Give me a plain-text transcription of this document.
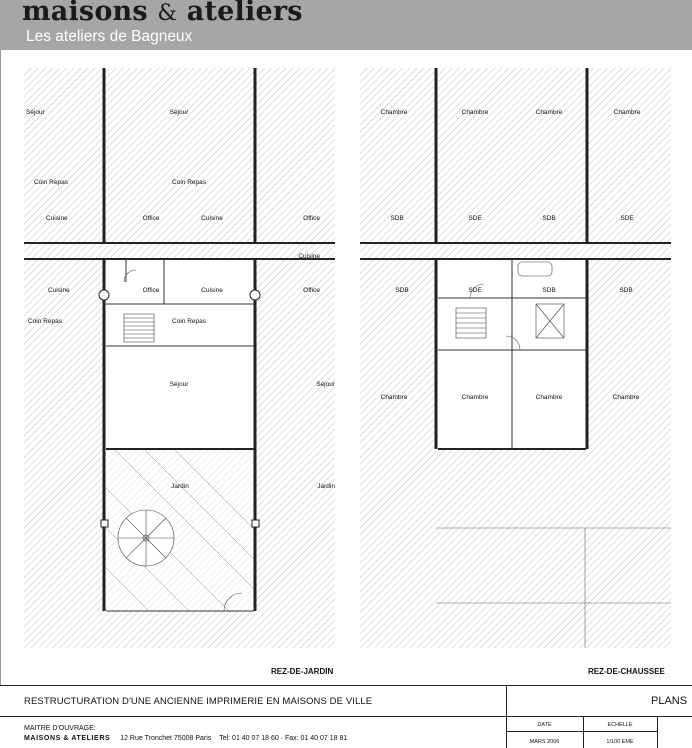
maisons & ateliers
Les ateliers de Bagneux
Séjour	Séjour
Coin Repas	Coin Repas
Cuisine	Office	Cuisine	Office
Cuisine	Office	Cuisine	Office
Cuisine
Coin Repas	Coin Repas
Séjour	Séjour
Jardin	Jardin
REZ-DE-JARDIN
Chambre	Chambre	Chambre	Chambre
SDB	SDE	SDB	SDE
SDB	SDE	SDB	SDB
Chambre	Chambre	Chambre	Chambre
REZ-DE-CHAUSSEE
RESTRUCTURATION D'UNE ANCIENNE IMPRIMERIE EN MAISONS DE VILLE	PLANS
MAITRE D'OUVRAGE:
MAISONS & ATELIERS 12 Rue Tronchet 75008 Paris Tel: 01 40 07 18 60 · Fax: 01 40 07 18 81
DATE
MARS 2006
ECHELLE
1/100 EME
